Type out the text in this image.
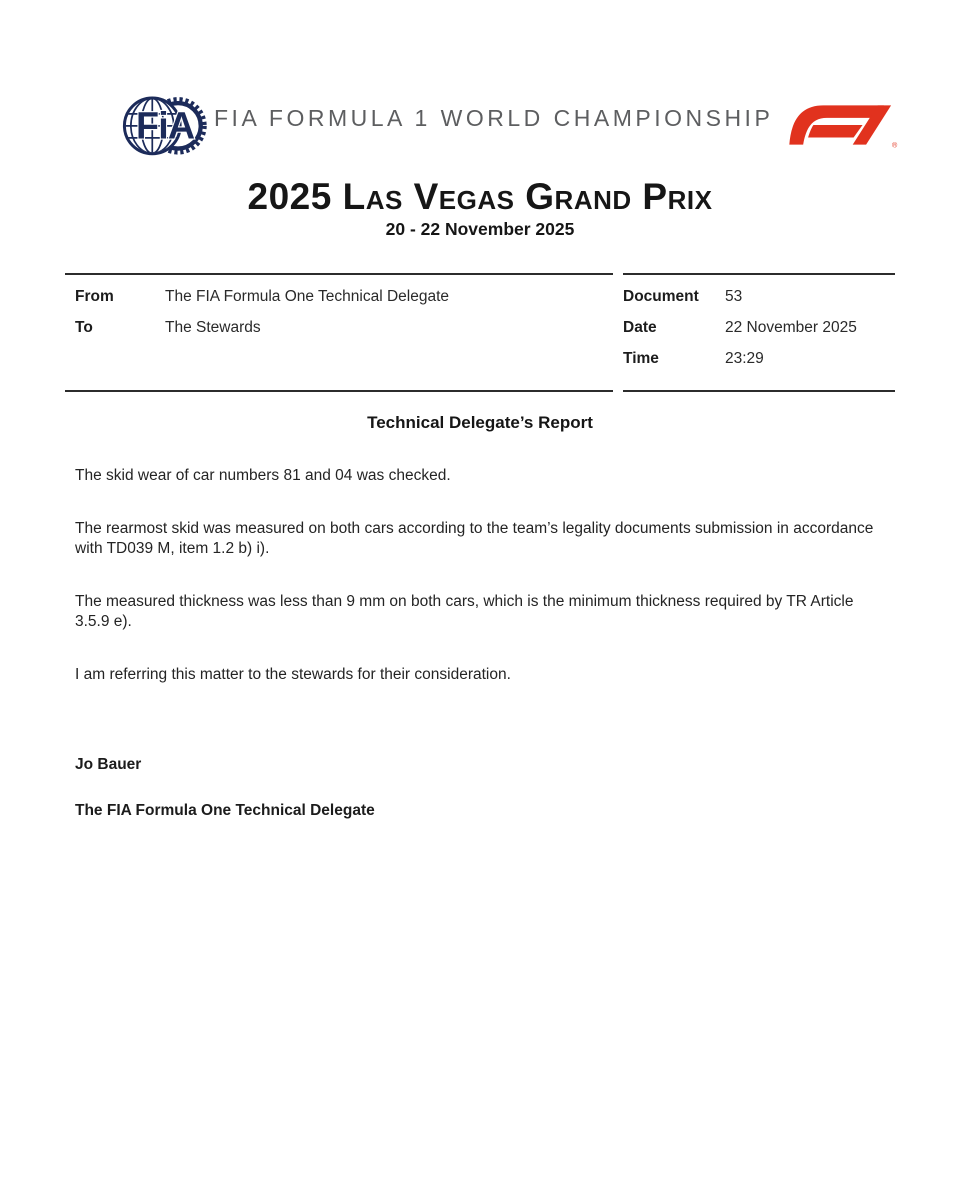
FiA FIA FORMULA 1 WORLD CHAMPIONSHIP
®
2025 Las Vegas Grand Prix
20 - 22 November 2025
From	The FIA Formula One Technical Delegate
To	The Stewards
Document	53
Date	22 November 2025
Time	23:29
Technical Delegate’s Report

The skid wear of car numbers 81 and 04 was checked.

The rearmost skid was measured on both cars according to the team’s legality documents submission in accordance with TD039 M, item 1.2 b) i).

The measured thickness was less than 9 mm on both cars, which is the minimum thickness required by TR Article 3.5.9 e).

I am referring this matter to the stewards for their consideration.

Jo Bauer
The FIA Formula One Technical Delegate
